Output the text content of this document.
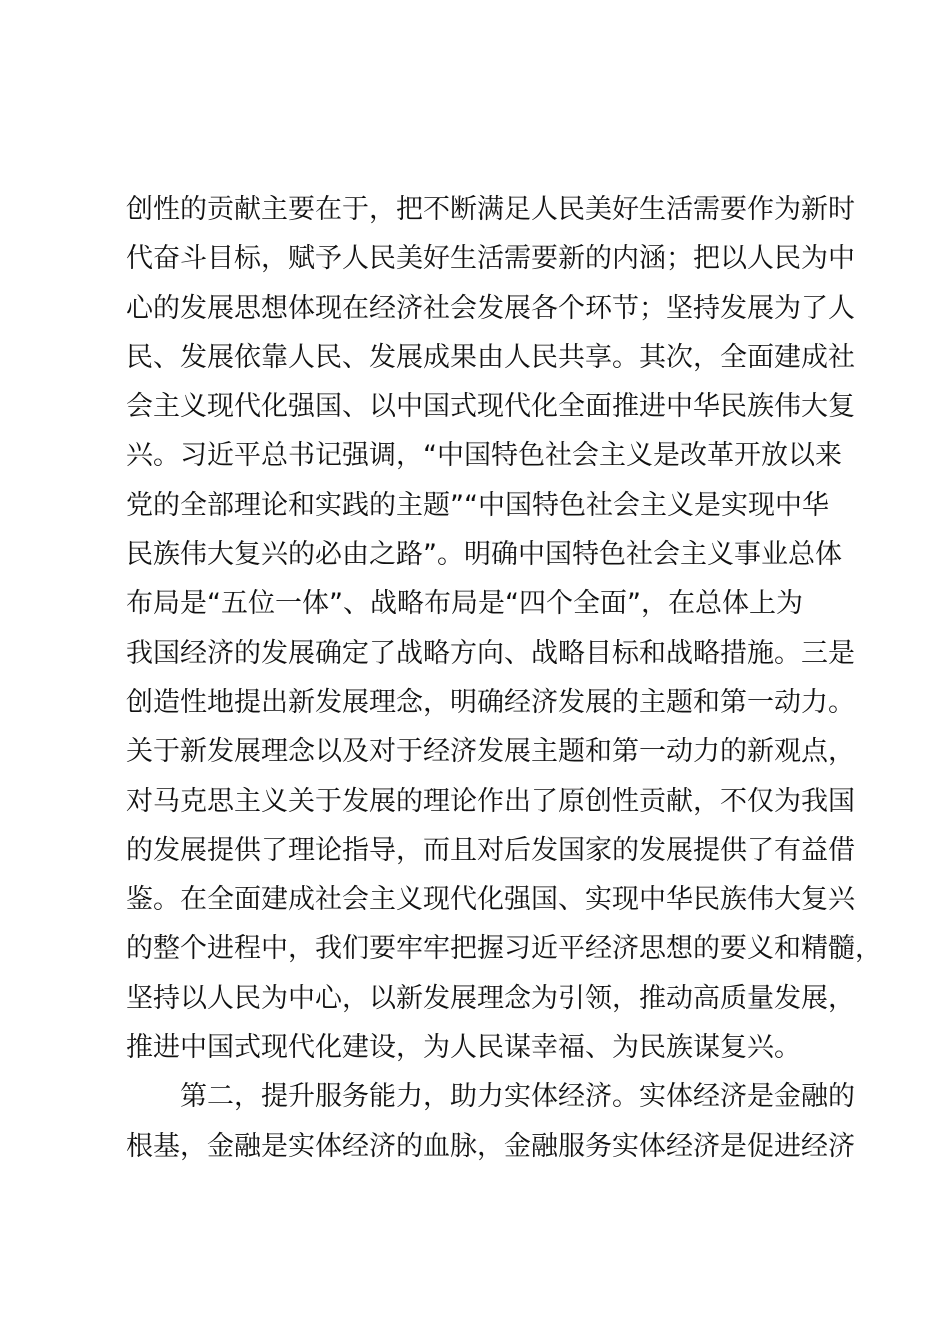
创性的贡献主要在于，把不断满足人民美好生活需要作为新时
代奋斗目标，赋予人民美好生活需要新的内涵；把以人民为中
心的发展思想体现在经济社会发展各个环节；坚持发展为了人
民、发展依靠人民、发展成果由人民共享。其次，全面建成社
会主义现代化强国、以中国式现代化全面推进中华民族伟大复
兴。习近平总书记强调，“中国特色社会主义是改革开放以来
党的全部理论和实践的主题”“中国特色社会主义是实现中华
民族伟大复兴的必由之路”。明确中国特色社会主义事业总体
布局是“五位一体”、战略布局是“四个全面”，在总体上为
我国经济的发展确定了战略方向、战略目标和战略措施。三是
创造性地提出新发展理念，明确经济发展的主题和第一动力。
关于新发展理念以及对于经济发展主题和第一动力的新观点，
对马克思主义关于发展的理论作出了原创性贡献，不仅为我国
的发展提供了理论指导，而且对后发国家的发展提供了有益借
鉴。在全面建成社会主义现代化强国、实现中华民族伟大复兴
的整个进程中，我们要牢牢把握习近平经济思想的要义和精髓，
坚持以人民为中心，以新发展理念为引领，推动高质量发展，
推进中国式现代化建设，为人民谋幸福、为民族谋复兴。
第二，提升服务能力，助力实体经济。实体经济是金融的
根基，金融是实体经济的血脉，金融服务实体经济是促进经济
